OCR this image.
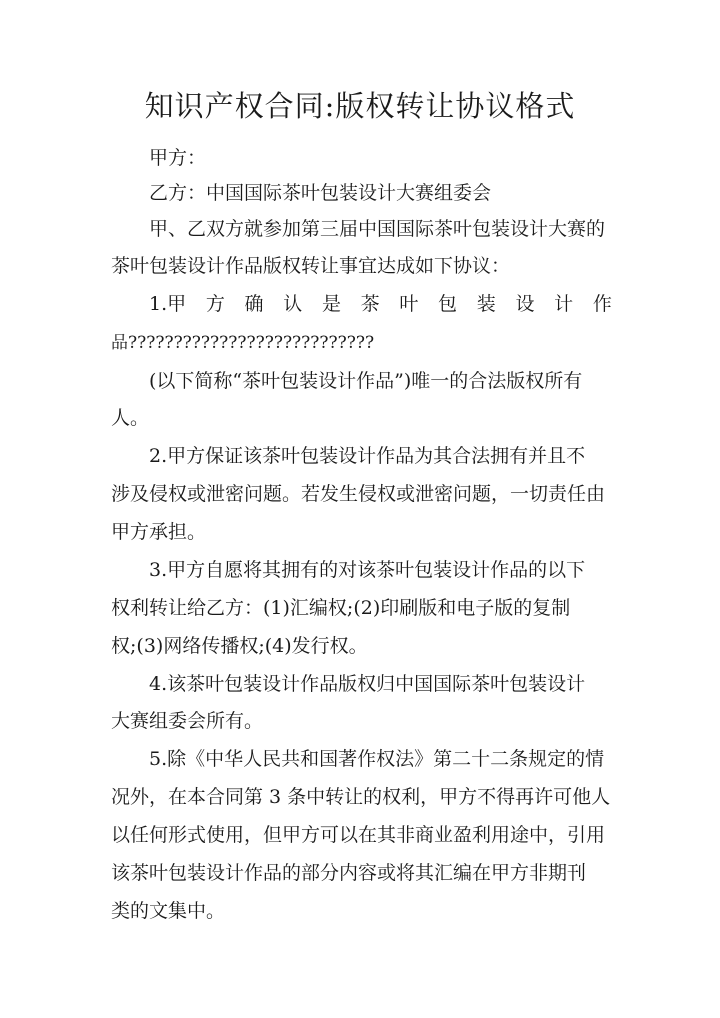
知识产权合同:版权转让协议格式

甲方：

乙方：中国国际茶叶包装设计大赛组委会

甲、乙双方就参加第三届中国国际茶叶包装设计大赛的

茶叶包装设计作品版权转让事宜达成如下协议：

1.甲 方 确 认 是 茶 叶 包 装 设 计 作

品???????????????????????????

(以下简称“茶叶包装设计作品”)唯一的合法版权所有

人。

2.甲方保证该茶叶包装设计作品为其合法拥有并且不

涉及侵权或泄密问题。若发生侵权或泄密问题，一切责任由

甲方承担。

3.甲方自愿将其拥有的对该茶叶包装设计作品的以下

权利转让给乙方：(1)汇编权;(2)印刷版和电子版的复制

权;(3)网络传播权;(4)发行权。

4.该茶叶包装设计作品版权归中国国际茶叶包装设计

大赛组委会所有。

5.除《中华人民共和国著作权法》第二十二条规定的情

况外，在本合同第 3 条中转让的权利，甲方不得再许可他人

以任何形式使用，但甲方可以在其非商业盈利用途中，引用

该茶叶包装设计作品的部分内容或将其汇编在甲方非期刊

类的文集中。
